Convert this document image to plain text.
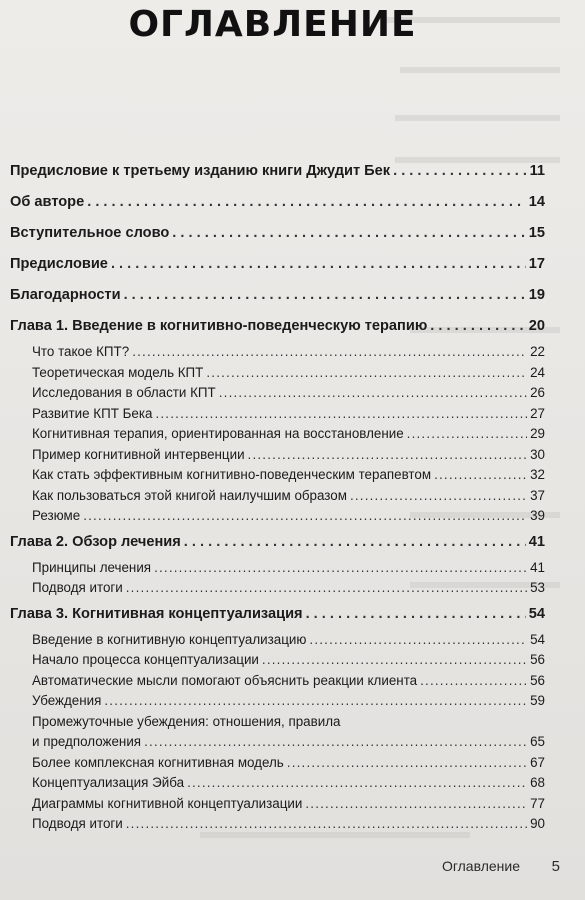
ОГЛАВЛЕНИЕ
Предисловие к третьему изданию книги Джудит Бек . . .	11
Об авторе . . .	14
Вступительное слово . . .	15
Предисловие . . .	17
Благодарности . . .	19
Глава 1. Введение в когнитивно-поведенческую терапию . . .	20
Что такое КПТ? .....	22
Теоретическая модель КПТ .....	24
Исследования в области КПТ .....	26
Развитие КПТ Бека .....	27
Когнитивная терапия, ориентированная на восстановление .....	29
Пример когнитивной интервенции .....	30
Как стать эффективным когнитивно-поведенческим терапевтом .....	32
Как пользоваться этой книгой наилучшим образом .....	37
Резюме .....	39
Глава 2. Обзор лечения . . .	41
Принципы лечения .....	41
Подводя итоги .....	53
Глава 3. Когнитивная концептуализация . . .	54
Введение в когнитивную концептуализацию .....	54
Начало процесса концептуализации .....	56
Автоматические мысли помогают объяснить реакции клиента .....	56
Убеждения .....	59
Промежуточные убеждения: отношения, правила
и предположения .....	65
Более комплексная когнитивная модель .....	67
Концептуализация Эйба .....	68
Диаграммы когнитивной концептуализации .....	77
Подводя итоги .....	90
Оглавление 5
